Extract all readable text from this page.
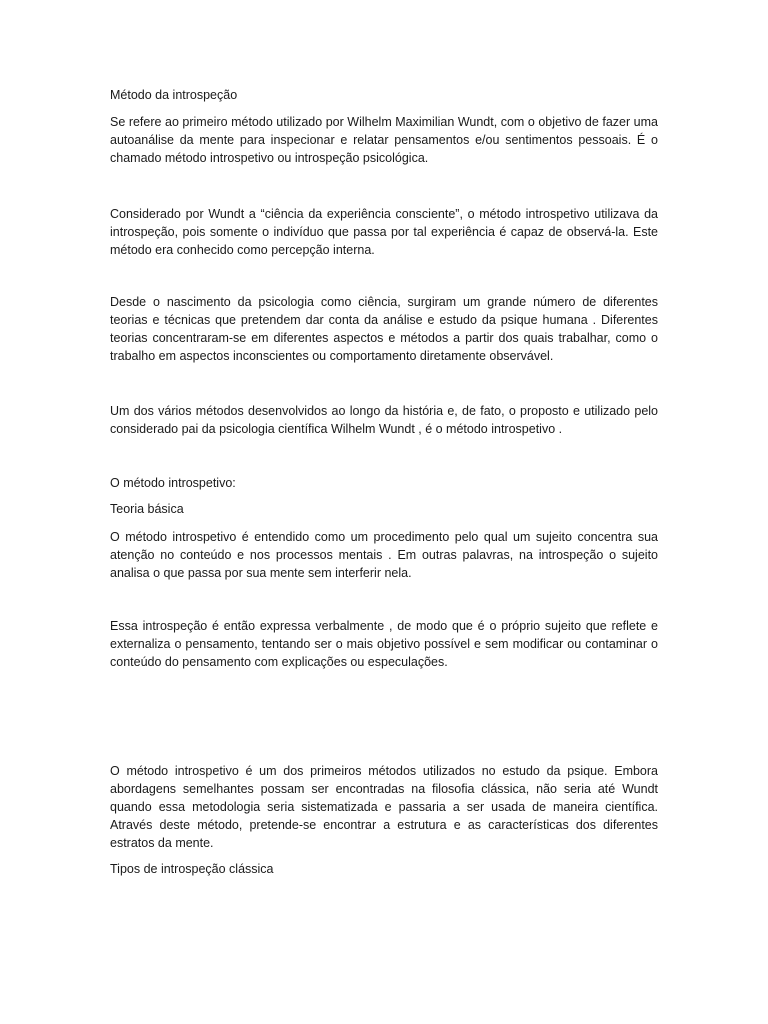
Método da introspeção

Se refere ao primeiro método utilizado por Wilhelm Maximilian Wundt, com o objetivo de fazer uma autoanálise da mente para inspecionar e relatar pensamentos e/ou sentimentos pessoais. É o chamado método introspetivo ou introspeção psicológica.

Considerado por Wundt a “ciência da experiência consciente”, o método introspetivo utilizava da introspeção, pois somente o indivíduo que passa por tal experiência é capaz de observá-la. Este método era conhecido como percepção interna.

Desde o nascimento da psicologia como ciência, surgiram um grande número de diferentes teorias e técnicas que pretendem dar conta da análise e estudo da psique humana . Diferentes teorias concentraram-se em diferentes aspectos e métodos a partir dos quais trabalhar, como o trabalho em aspectos inconscientes ou comportamento diretamente observável.

Um dos vários métodos desenvolvidos ao longo da história e, de fato, o proposto e utilizado pelo considerado pai da psicologia científica Wilhelm Wundt , é o método introspetivo .

O método introspetivo:

Teoria básica

O método introspetivo é entendido como um procedimento pelo qual um sujeito concentra sua atenção no conteúdo e nos processos mentais . Em outras palavras, na introspeção o sujeito analisa o que passa por sua mente sem interferir nela.

Essa introspeção é então expressa verbalmente , de modo que é o próprio sujeito que reflete e externaliza o pensamento, tentando ser o mais objetivo possível e sem modificar ou contaminar o conteúdo do pensamento com explicações ou especulações.

O método introspetivo é um dos primeiros métodos utilizados no estudo da psique. Embora abordagens semelhantes possam ser encontradas na filosofia clássica, não seria até Wundt quando essa metodologia seria sistematizada e passaria a ser usada de maneira científica. Através deste método, pretende-se encontrar a estrutura e as características dos diferentes estratos da mente.

Tipos de introspeção clássica
